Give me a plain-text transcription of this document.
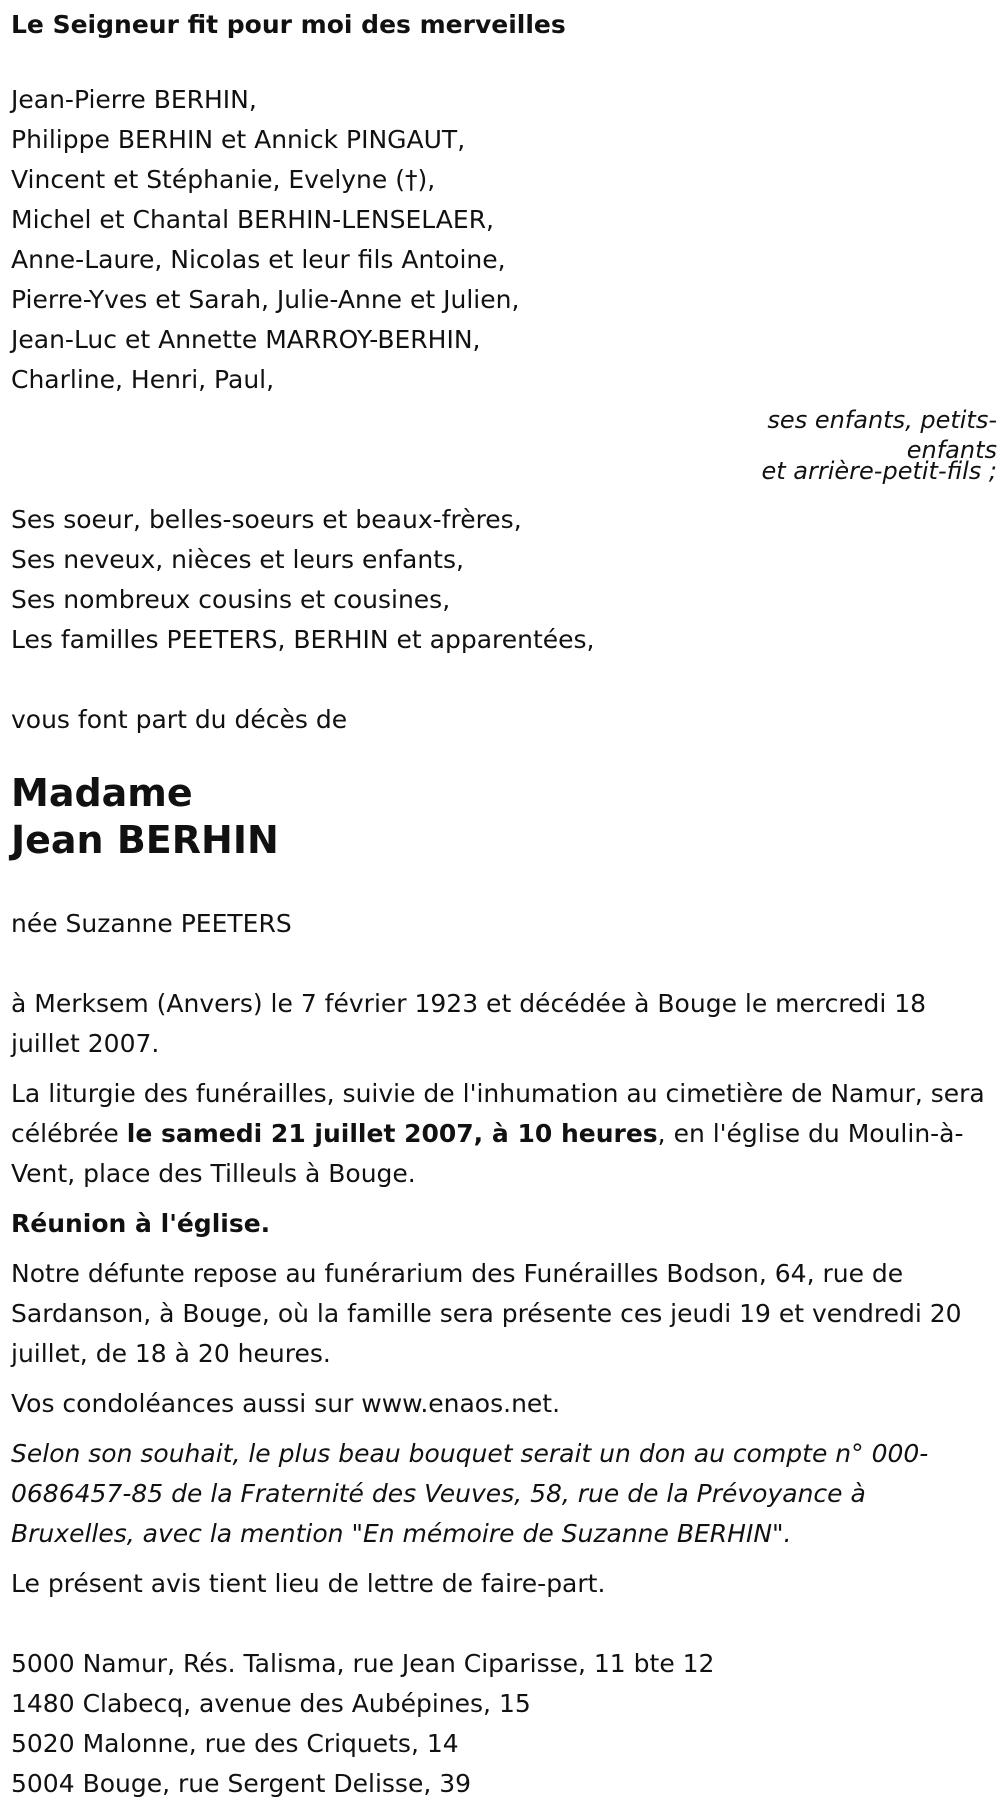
Le Seigneur fit pour moi des merveilles
Jean-Pierre BERHIN,
Philippe BERHIN et Annick PINGAUT,
Vincent et Stéphanie, Evelyne (†),
Michel et Chantal BERHIN-LENSELAER,
Anne-Laure, Nicolas et leur fils Antoine,
Pierre-Yves et Sarah, Julie-Anne et Julien,
Jean-Luc et Annette MARROY-BERHIN,
Charline, Henri, Paul,
ses enfants, petits-
enfants
et arrière-petit-fils ;
Ses soeur, belles-soeurs et beaux-frères,
Ses neveux, nièces et leurs enfants,
Ses nombreux cousins et cousines,
Les familles PEETERS, BERHIN et apparentées,
vous font part du décès de
Madame
Jean BERHIN
née Suzanne PEETERS

à Merksem (Anvers) le 7 février 1923 et décédée à Bouge le mercredi 18 juillet 2007.

La liturgie des funérailles, suivie de l'inhumation au cimetière de Namur, sera célébrée le samedi 21 juillet 2007, à 10 heures, en l'église du Moulin-à-Vent, place des Tilleuls à Bouge.

Réunion à l'église.

Notre défunte repose au funérarium des Funérailles Bodson, 64, rue de Sardanson, à Bouge, où la famille sera présente ces jeudi 19 et vendredi 20 juillet, de 18 à 20 heures.

Vos condoléances aussi sur www.enaos.net.

Selon son souhait, le plus beau bouquet serait un don au compte n° 000-0686457-85 de la Fraternité des Veuves, 58, rue de la Prévoyance à Bruxelles, avec la mention "En mémoire de Suzanne BERHIN".

Le présent avis tient lieu de lettre de faire-part.

5000 Namur, Rés. Talisma, rue Jean Ciparisse, 11 bte 12
1480 Clabecq, avenue des Aubépines, 15
5020 Malonne, rue des Criquets, 14
5004 Bouge, rue Sergent Delisse, 39
